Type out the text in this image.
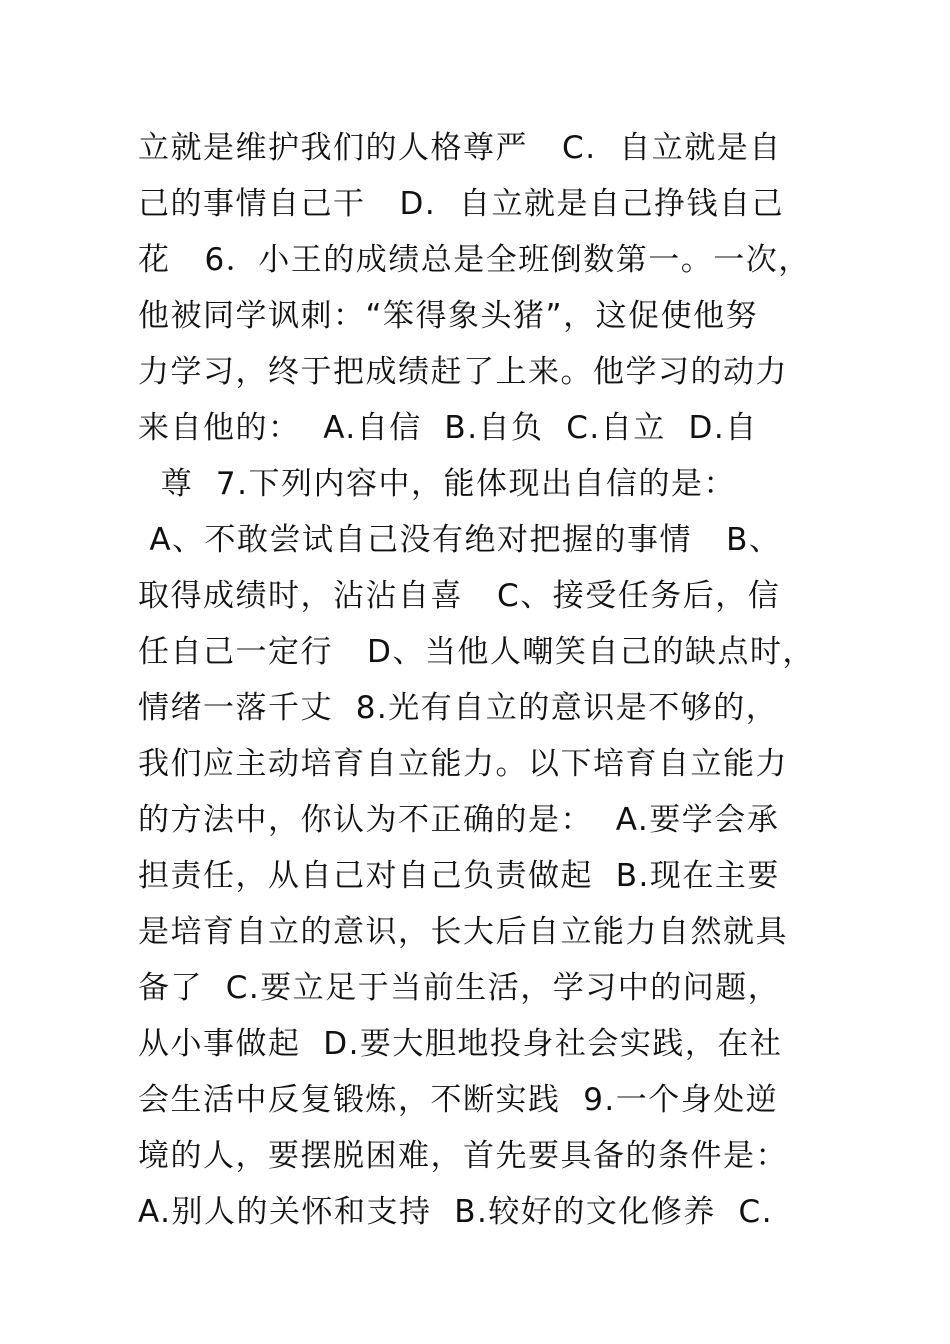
立就是维护我们的人格尊严   C.  自立就是自
己的事情自己干   D.  自立就是自己挣钱自己
花   6．小王的成绩总是全班倒数第一。一次，
他被同学讽刺：“笨得象头猪”，这促使他努
力学习，终于把成绩赶了上来。他学习的动力
来自他的：  A.自信  B.自负  C.自立  D.自
尊  7.下列内容中，能体现出自信的是：
A、不敢尝试自己没有绝对把握的事情   B、
取得成绩时，沾沾自喜   C、接受任务后，信
任自己一定行   D、当他人嘲笑自己的缺点时，
情绪一落千丈  8.光有自立的意识是不够的，
我们应主动培育自立能力。以下培育自立能力
的方法中，你认为不正确的是：  A.要学会承
担责任，从自己对自己负责做起  B.现在主要
是培育自立的意识，长大后自立能力自然就具
备了  C.要立足于当前生活，学习中的问题，
从小事做起  D.要大胆地投身社会实践，在社
会生活中反复锻炼，不断实践  9.一个身处逆
境的人，要摆脱困难，首先要具备的条件是：
A.别人的关怀和支持  B.较好的文化修养  C.
